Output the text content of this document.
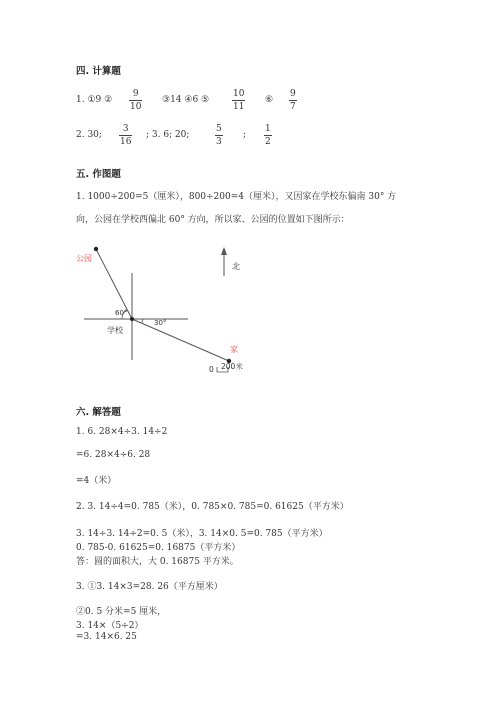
四. 计算题
1. ①9 ② $\frac{9}{10}$ ③14 ④6 ⑤	$\frac{10}{11}$ ⑥ $\frac{9}{7}$
2. 30; $\frac{3}{16}$ ; 3. 6; 20;	$\frac{5}{3}$ ; $\frac{1}{2}$
五. 作图题
1. 1000÷200=5（厘米），800÷200=4（厘米），又因家在学校东偏南 30° 方
向，公园在学校西偏北 60° 方向，所以家、公园的位置如下图所示：
公园
学校
60°
30°
家
北
0 200米
六. 解答题
1. 6. 28×4÷3. 14÷2
=6. 28×4÷6. 28
=4（米）
2. 3. 14÷4=0. 785（米），0. 785×0. 785=0. 61625（平方米）
3. 14÷3. 14÷2=0. 5（米），3. 14×0. 5=0. 785（平方米）
0. 785-0. 61625=0. 16875（平方米）
答：圆的面积大，大 0. 16875 平方米。
3. ①3. 14×3=28. 26（平方厘米）
②0. 5 分米=5 厘米，
3. 14×（5÷2）
=3. 14×6. 25
